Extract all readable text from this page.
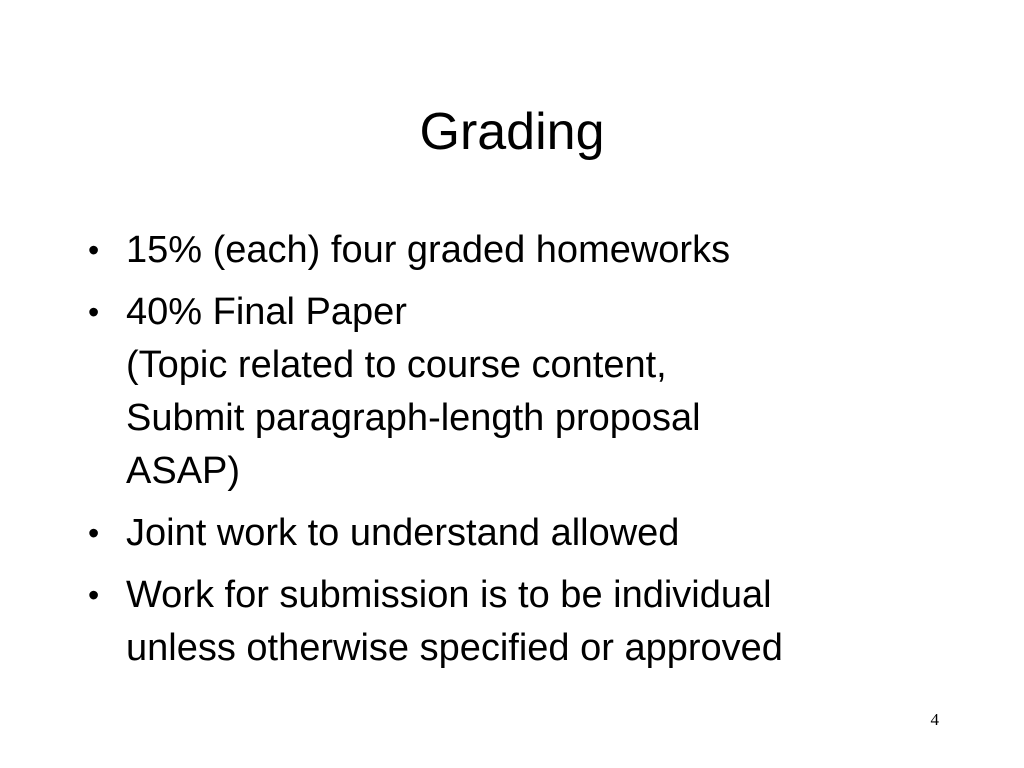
Grading
• 15% (each) four graded homeworks
• 40% Final Paper
(Topic related to course content,
Submit paragraph-length proposal
ASAP)
• Joint work to understand allowed
• Work for submission is to be individual
unless otherwise specified or approved
4
